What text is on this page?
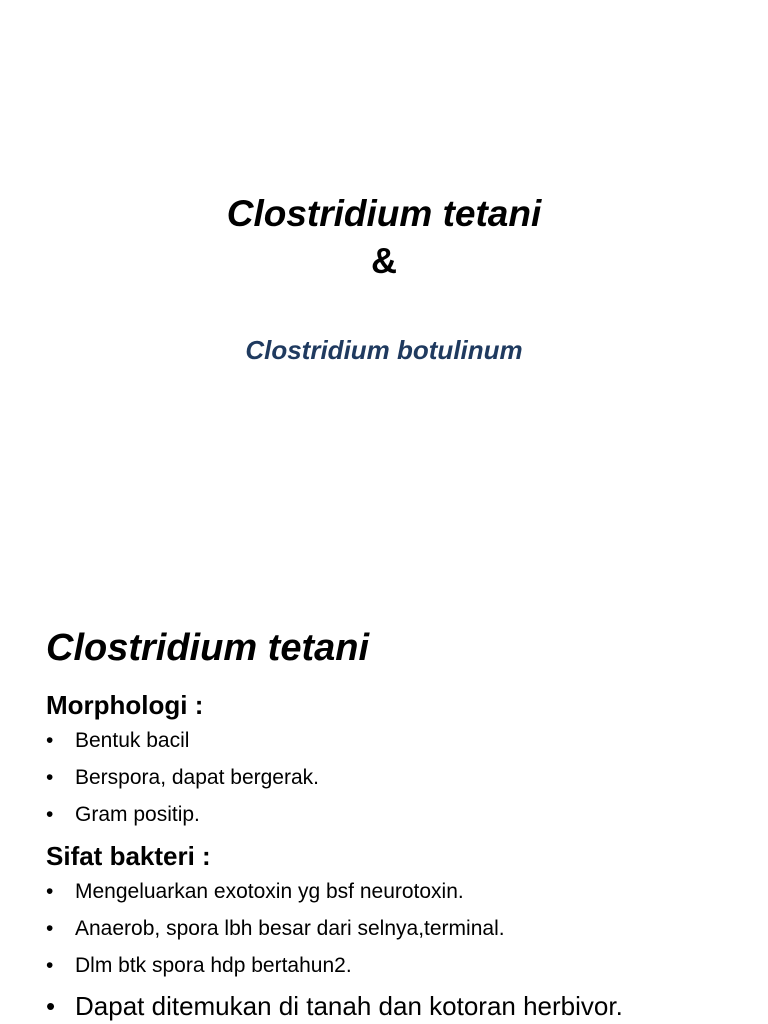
Clostridium tetani

&

Clostridium botulinum
Clostridium tetani
Morphologi :
• Bentuk bacil
• Berspora, dapat bergerak.
• Gram positip.
Sifat bakteri :
• Mengeluarkan exotoxin yg bsf neurotoxin.
• Anaerob, spora lbh besar dari selnya,terminal.
• Dlm btk spora hdp bertahun2.
• Dapat ditemukan di tanah dan kotoran herbivor.
